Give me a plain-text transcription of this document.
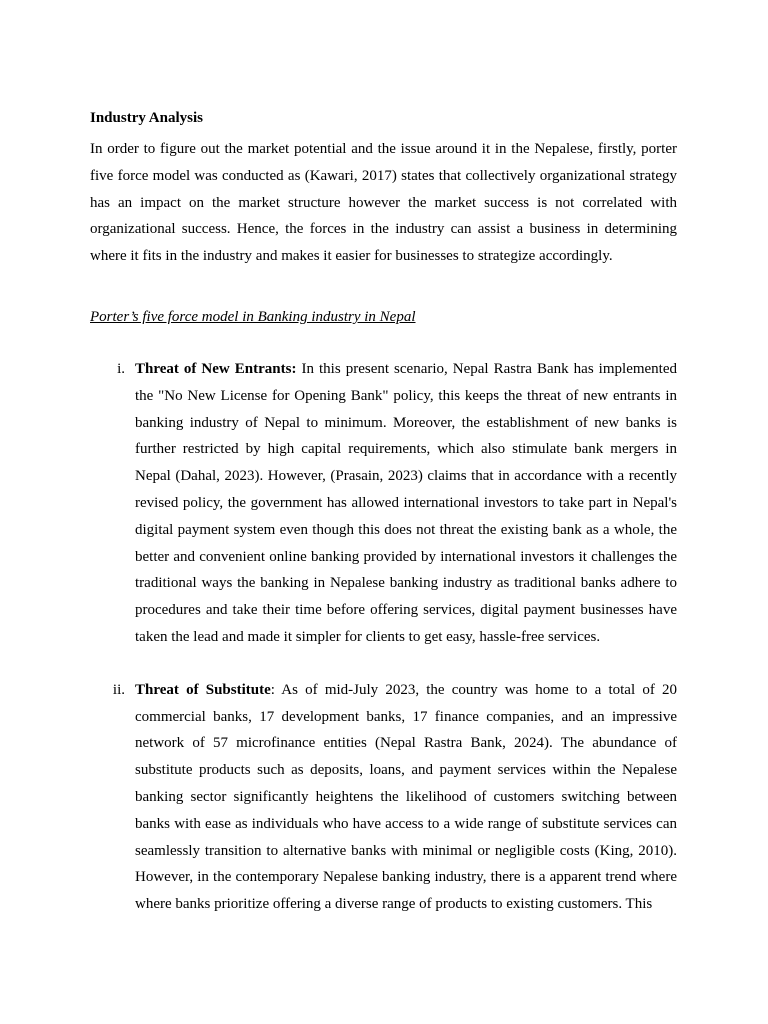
Industry Analysis

In order to figure out the market potential and the issue around it in the Nepalese, firstly, porter five force model was conducted as (Kawari, 2017) states that collectively organizational strategy has an impact on the market structure however the market success is not correlated with organizational success. Hence, the forces in the industry can assist a business in determining where it fits in the industry and makes it easier for businesses to strategize accordingly.

Porter’s five force model in Banking industry in Nepal

i. Threat of New Entrants: In this present scenario, Nepal Rastra Bank has implemented the "No New License for Opening Bank" policy, this keeps the threat of new entrants in banking industry of Nepal to minimum. Moreover, the establishment of new banks is further restricted by high capital requirements, which also stimulate bank mergers in Nepal (Dahal, 2023). However, (Prasain, 2023) claims that in accordance with a recently revised policy, the government has allowed international investors to take part in Nepal's digital payment system even though this does not threat the existing bank as a whole, the better and convenient online banking provided by international investors it challenges the traditional ways the banking in Nepalese banking industry as traditional banks adhere to procedures and take their time before offering services, digital payment businesses have taken the lead and made it simpler for clients to get easy, hassle-free services.
ii. Threat of Substitute: As of mid-July 2023, the country was home to a total of 20 commercial banks, 17 development banks, 17 finance companies, and an impressive network of 57 microfinance entities (Nepal Rastra Bank, 2024). The abundance of substitute products such as deposits, loans, and payment services within the Nepalese banking sector significantly heightens the likelihood of customers switching between banks with ease as individuals who have access to a wide range of substitute services can seamlessly transition to alternative banks with minimal or negligible costs (King, 2010). However, in the contemporary Nepalese banking industry, there is a apparent trend where where banks prioritize offering a diverse range of products to existing customers. This
